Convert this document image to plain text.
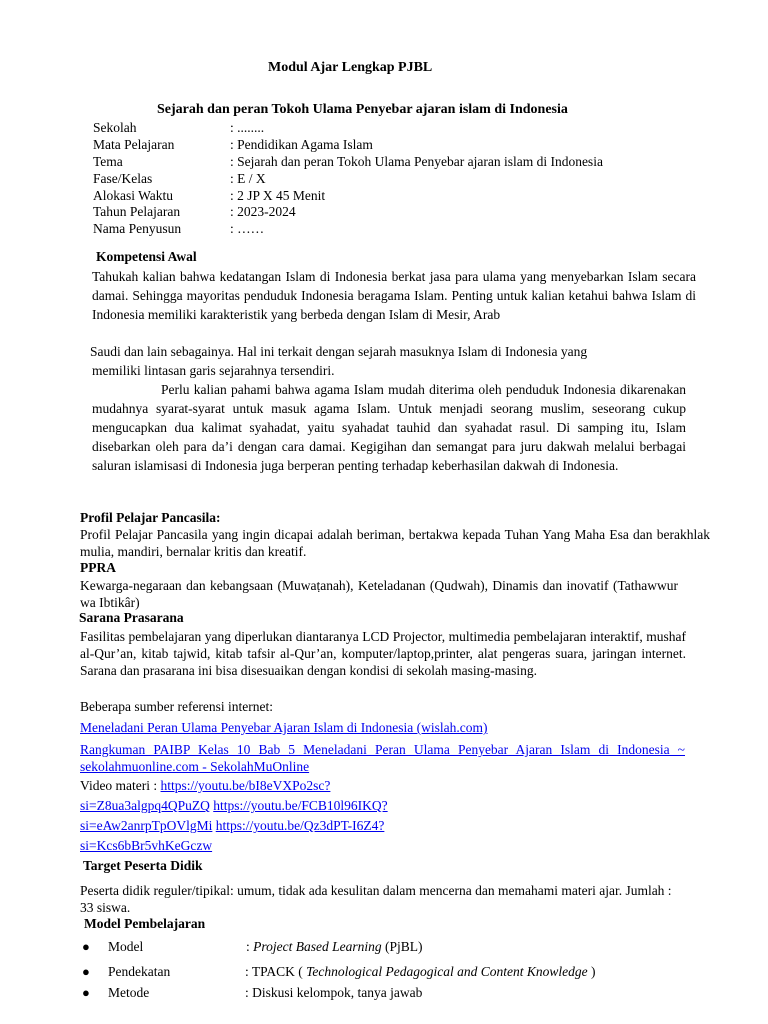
Modul Ajar Lengkap PJBL
Sejarah dan peran Tokoh Ulama Penyebar ajaran islam di Indonesia
Sekolah	: ........
Mata Pelajaran	: Pendidikan Agama Islam
Tema	: Sejarah dan peran Tokoh Ulama Penyebar ajaran islam di Indonesia
Fase/Kelas	: E / X
Alokasi Waktu	: 2 JP X 45 Menit
Tahun Pelajaran	: 2023-2024
Nama Penyusun	: ……
Kompetensi Awal
Tahukah kalian bahwa kedatangan Islam di Indonesia berkat jasa para ulama yang menyebarkan Islam secara damai. Sehingga mayoritas penduduk Indonesia beragama Islam. Penting untuk kalian ketahui bahwa Islam di Indonesia memiliki karakteristik yang berbeda dengan Islam di Mesir, Arab
Saudi dan lain sebagainya. Hal ini terkait dengan sejarah masuknya Islam di Indonesia yang
memiliki lintasan garis sejarahnya tersendiri.
Perlu kalian pahami bahwa agama Islam mudah diterima oleh penduduk Indonesia dikarenakan mudahnya syarat-syarat untuk masuk agama Islam. Untuk menjadi seorang muslim, seseorang cukup mengucapkan dua kalimat syahadat, yaitu syahadat tauhid dan syahadat rasul. Di samping itu, Islam disebarkan oleh para da’i dengan cara damai. Kegigihan dan semangat para juru dakwah melalui berbagai saluran islamisasi di Indonesia juga berperan penting terhadap keberhasilan dakwah di Indonesia.
Profil Pelajar Pancasila:
Profil Pelajar Pancasila yang ingin dicapai adalah beriman, bertakwa kepada Tuhan Yang Maha Esa dan berakhlak mulia, mandiri, bernalar kritis dan kreatif.
PPRA
Kewarga-negaraan dan kebangsaan (Muwaṭanah), Keteladanan (Qudwah), Dinamis dan inovatif (Tathawwur wa Ibtikâr)
Sarana Prasarana
Fasilitas pembelajaran yang diperlukan diantaranya LCD Projector, multimedia pembelajaran interaktif, mushaf al-Qur’an, kitab tajwid, kitab tafsir al-Qur’an, komputer/laptop,printer, alat pengeras suara, jaringan internet. Sarana dan prasarana ini bisa disesuaikan dengan kondisi di sekolah masing-masing.
Beberapa sumber referensi internet:
Meneladani Peran Ulama Penyebar Ajaran Islam di Indonesia (wislah.com)
Rangkuman PAIBP Kelas 10 Bab 5 Meneladani Peran Ulama Penyebar Ajaran Islam di Indonesia ~ sekolahmuonline.com - SekolahMuOnline
Video materi : https://youtu.be/bI8eVXPo2sc?
si=Z8ua3algpq4QPuZQ https://youtu.be/FCB10l96IKQ?
si=eAw2anrpTpOVlgMi https://youtu.be/Qz3dPT-I6Z4?
si=Kcs6bBr5vhKeGczw
Target Peserta Didik
Peserta didik reguler/tipikal: umum, tidak ada kesulitan dalam mencerna dan memahami materi ajar. Jumlah : 33 siswa.
Model Pembelajaran
● Model	: Project Based Learning (PjBL)
● Pendekatan	: TPACK ( Technological Pedagogical and Content Knowledge )
● Metode	: Diskusi kelompok, tanya jawab
